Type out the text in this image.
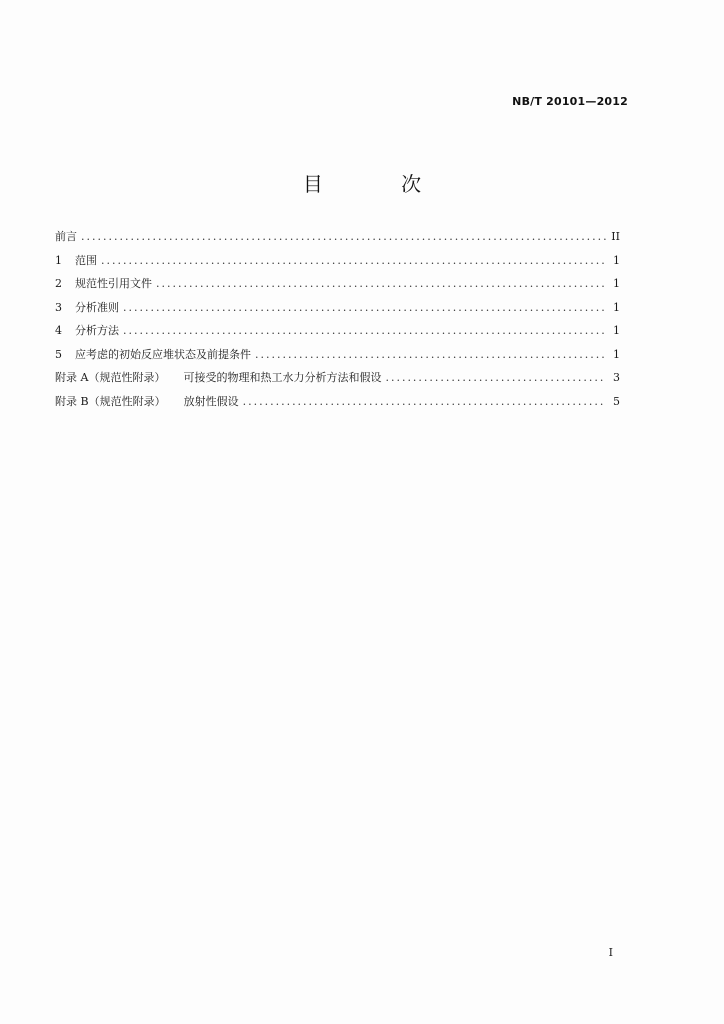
NB/T 20101—2012
目 次
前言 .....	II
1	范围 .....	1
2	规范性引用文件 .....	1
3	分析准则 .....	1
4	分析方法 .....	1
5	应考虑的初始反应堆状态及前提条件 .....	1
附录 A（规范性附录） 可接受的物理和热工水力分析方法和假设 .....	3
附录 B（规范性附录） 放射性假设 .....	5
I
